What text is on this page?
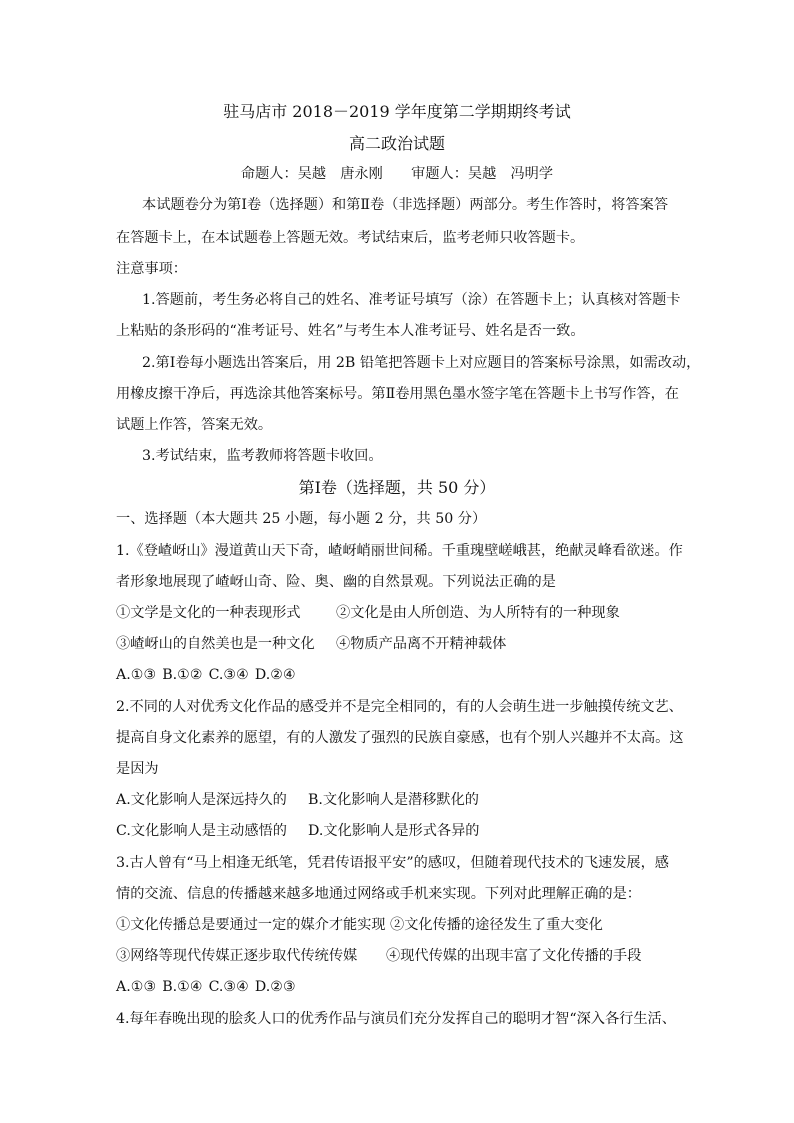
驻马店市 2018－2019 学年度第二学期期终考试
高二政治试题
命题人：吴越　唐永刚　　审题人：吴越　冯明学
本试题卷分为第Ⅰ卷（选择题）和第Ⅱ卷（非选择题）两部分。考生作答时，将答案答
在答题卡上，在本试题卷上答题无效。考试结束后，监考老师只收答题卡。
注意事项：
1.答题前，考生务必将自己的姓名、准考证号填写（涂）在答题卡上；认真核对答题卡
上粘贴的条形码的“准考证号、姓名”与考生本人准考证号、姓名是否一致。
2.第Ⅰ卷每小题选出答案后，用 2B 铅笔把答题卡上对应题目的答案标号涂黑，如需改动，
用橡皮擦干净后，再选涂其他答案标号。第Ⅱ卷用黑色墨水签字笔在答题卡上书写作答，在
试题上作答，答案无效。
3.考试结束，监考教师将答题卡收回。
第Ⅰ卷（选择题，共 50 分）
一、选择题（本大题共 25 小题，每小题 2 分，共 50 分）
1.《登嵖岈山》漫道黄山天下奇，嵖岈峭丽世间稀。千重瑰壁嵯峨甚，绝献灵峰看欲迷。作
者形象地展现了嵖岈山奇、险、奥、幽的自然景观。下列说法正确的是
①文学是文化的一种表现形式	②文化是由人所创造、为人所特有的一种现象
③嵖岈山的自然美也是一种文化 ④物质产品离不开精神载体
A.①③ B.①② C.③④ D.②④
2.不同的人对优秀文化作品的感受并不是完全相同的，有的人会萌生进一步触摸传统文艺、
提高自身文化素养的愿望，有的人激发了强烈的民族自豪感，也有个别人兴趣并不太高。这
是因为
A.文化影响人是深远持久的 B.文化影响人是潜移默化的
C.文化影响人是主动感悟的 D.文化影响人是形式各异的
3.古人曾有“马上相逢无纸笔，凭君传语报平安”的感叹，但随着现代技术的飞速发展，感
情的交流、信息的传播越来越多地通过网络或手机来实现。下列对此理解正确的是：
①文化传播总是要通过一定的媒介才能实现 ②文化传播的途径发生了重大变化
③网络等现代传媒正逐步取代传统传媒 ④现代传媒的出现丰富了文化传播的手段
A.①③ B.①④ C.③④ D.②③
4.每年春晚出现的脍炙人口的优秀作品与演员们充分发挥自己的聪明才智“深入各行生活、
